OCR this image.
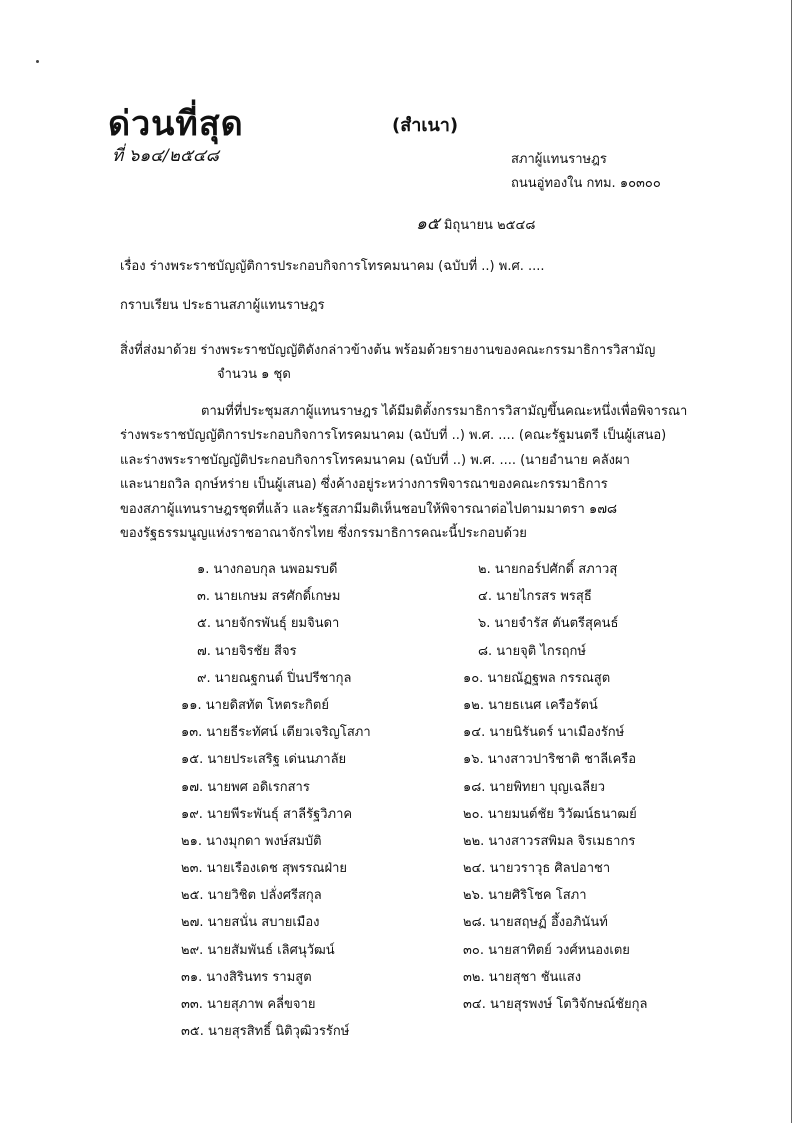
ด่วนที่สุด
ที่ ๖๑๔/๒๕๔๘
(สำเนา)
สภาผู้แทนราษฎร
ถนนอู่ทองใน กทม. ๑๐๓๐๐
๑๕ มิถุนายน ๒๕๔๘
เรื่อง ร่างพระราชบัญญัติการประกอบกิจการโทรคมนาคม (ฉบับที่ ..) พ.ศ. ....
กราบเรียน ประธานสภาผู้แทนราษฎร
สิ่งที่ส่งมาด้วย ร่างพระราชบัญญัติดังกล่าวข้างต้น พร้อมด้วยรายงานของคณะกรรมาธิการวิสามัญ
จำนวน ๑ ชุด
ตามที่ที่ประชุมสภาผู้แทนราษฎร ได้มีมติตั้งกรรมาธิการวิสามัญขึ้นคณะหนึ่งเพื่อพิจารณา
ร่างพระราชบัญญัติการประกอบกิจการโทรคมนาคม (ฉบับที่ ..) พ.ศ. .... (คณะรัฐมนตรี เป็นผู้เสนอ)
และร่างพระราชบัญญัติประกอบกิจการโทรคมนาคม (ฉบับที่ ..) พ.ศ. .... (นายอำนาย คลังผา
และนายถวิล ฤกษ์หร่าย เป็นผู้เสนอ) ซึ่งค้างอยู่ระหว่างการพิจารณาของคณะกรรมาธิการ
ของสภาผู้แทนราษฎรชุดที่แล้ว และรัฐสภามีมติเห็นชอบให้พิจารณาต่อไปตามมาตรา ๑๗๘
ของรัฐธรรมนูญแห่งราชอาณาจักรไทย ซึ่งกรรมาธิการคณะนี้ประกอบด้วย
๑. นางกอบกุล นพอมรบดี	๒. นายกอร์ปศักดิ์ สภาวสุ
๓. นายเกษม สรศักดิ์เกษม	๔. นายไกรสร พรสุธี
๕. นายจักรพันธุ์ ยมจินดา	๖. นายจำรัส ตันตรีสุคนธ์
๗. นายจิรชัย สีจร	๘. นายจุติ ไกรฤกษ์
๙. นายณฐกนต์ ปิ่นปรีชากุล	๑๐. นายณัฏฐพล กรรณสูต
๑๑. นายดิสทัต โหตระกิตย์	๑๒. นายธเนศ เครือรัตน์
๑๓. นายธีระทัศน์ เตียวเจริญโสภา	๑๔. นายนิรันดร์ นาเมืองรักษ์
๑๕. นายประเสริฐ เด่นนภาลัย	๑๖. นางสาวปาริชาติ ชาลีเครือ
๑๗. นายพศ อดิเรกสาร	๑๘. นายพิทยา บุญเฉลียว
๑๙. นายพีระพันธุ์ สาลีรัฐวิภาค	๒๐. นายมนต์ชัย วิวัฒน์ธนาฒย์
๒๑. นางมุกดา พงษ์สมบัติ	๒๒. นางสาวรสพิมล จิรเมธากร
๒๓. นายเรืองเดช สุพรรณฝ่าย	๒๔. นายวราวุธ ศิลปอาชา
๒๕. นายวิชิต ปลั่งศรีสกุล	๒๖. นายศิริโชค โสภา
๒๗. นายสนั่น สบายเมือง	๒๘. นายสฤษฏ์ อึ้งอภินันท์
๒๙. นายสัมพันธ์ เลิศนุวัฒน์	๓๐. นายสาทิตย์ วงศ์หนองเตย
๓๑. นางสิรินทร รามสูต	๓๒. นายสุชา ชันแสง
๓๓. นายสุภาพ คลี่ขจาย	๓๔. นายสุรพงษ์ โตวิจักษณ์ชัยกุล
๓๕. นายสุรสิทธิ์ นิติวุฒิวรรักษ์
